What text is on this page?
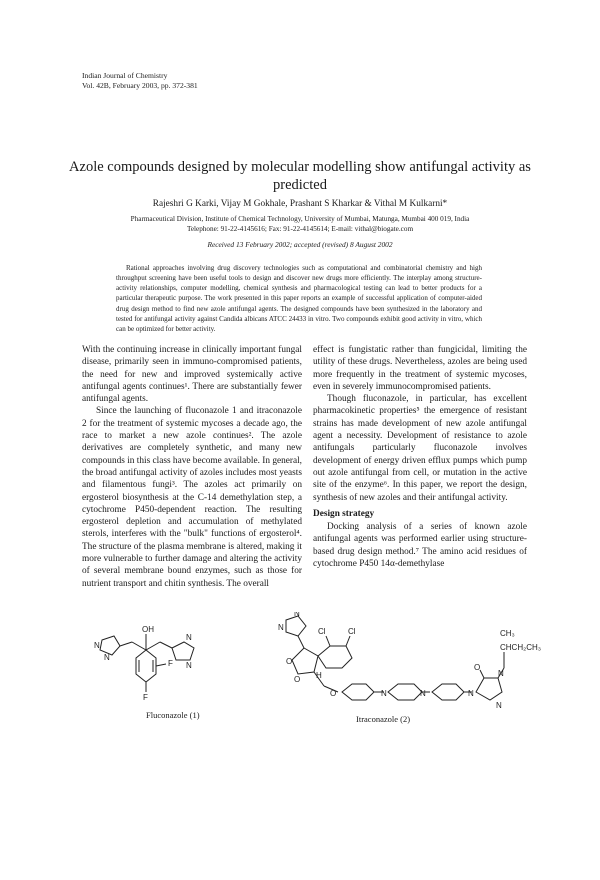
Indian Journal of Chemistry
Vol. 42B, February 2003, pp. 372-381
Azole compounds designed by molecular modelling show antifungal activity as predicted
Rajeshri G Karki, Vijay M Gokhale, Prashant S Kharkar & Vithal M Kulkarni*
Pharmaceutical Division, Institute of Chemical Technology, University of Mumbai, Matunga, Mumbai 400 019, India
Telephone: 91-22-4145616; Fax: 91-22-4145614; E-mail: vithal@biogate.com
Received 13 February 2002; accepted (revised) 8 August 2002
Rational approaches involving drug discovery technologies such as computational and combinatorial chemistry and high throughput screening have been useful tools to design and discover new drugs more efficiently. The interplay among structure-activity relationships, computer modelling, chemical synthesis and pharmacological testing can lead to better products for a particular therapeutic purpose. The work presented in this paper reports an example of successful application of computer-aided drug design method to find new azole antifungal agents. The designed compounds have been synthesized in the laboratory and tested for antifungal activity against Candida albicans ATCC 24433 in vitro. Two compounds exhibit good activity in vitro, which can be optimized for better activity.

With the continuing increase in clinically important fungal disease, primarily seen in immuno-compromised patients, the need for new and improved systemically active antifungal agents continues¹. There are substantially fewer antifungal agents.

Since the launching of fluconazole 1 and itraconazole 2 for the treatment of systemic mycoses a decade ago, the race to market a new azole continues². The azole derivatives are completely synthetic, and many new compounds in this class have become available. In general, the broad antifungal activity of azoles includes most yeasts and filamentous fungi³. The azoles act primarily on ergosterol biosynthesis at the C-14 demethylation step, a cytochrome P450-dependent reaction. The resulting ergosterol depletion and accumulation of methylated sterols, interferes with the "bulk" functions of ergosterol⁴. The structure of the plasma membrane is altered, making it more vulnerable to further damage and altering the activity of several membrane bound enzymes, such as those for nutrient transport and chitin synthesis. The overall

effect is fungistatic rather than fungicidal, limiting the utility of these drugs. Nevertheless, azoles are being used more frequently in the treatment of systemic mycoses, even in severely immunocompromised patients.

Though fluconazole, in particular, has excellent pharmacokinetic properties⁵ the emergence of resistant strains has made development of new azole antifungal agent a necessity. Development of resistance to azole antifungals particularly fluconazole involves development of energy driven efflux pumps which pump out azole antifungal from cell, or mutation in the active site of the enzyme⁶. In this paper, we report the design, synthesis of new azoles and their antifungal activity.

Design strategy

Docking analysis of a series of known azole antifungal agents was performed earlier using structure-based drug design method.⁷ The amino acid residues of cytochrome P450 14α-demethylase

OH
N
N
N
N
F
F
N
N
Cl	Cl
O
O H
O	N	N	N
O
N
N
CH₃
CHCH₂CH₃
Fluconazole (1)	Itraconazole (2)
